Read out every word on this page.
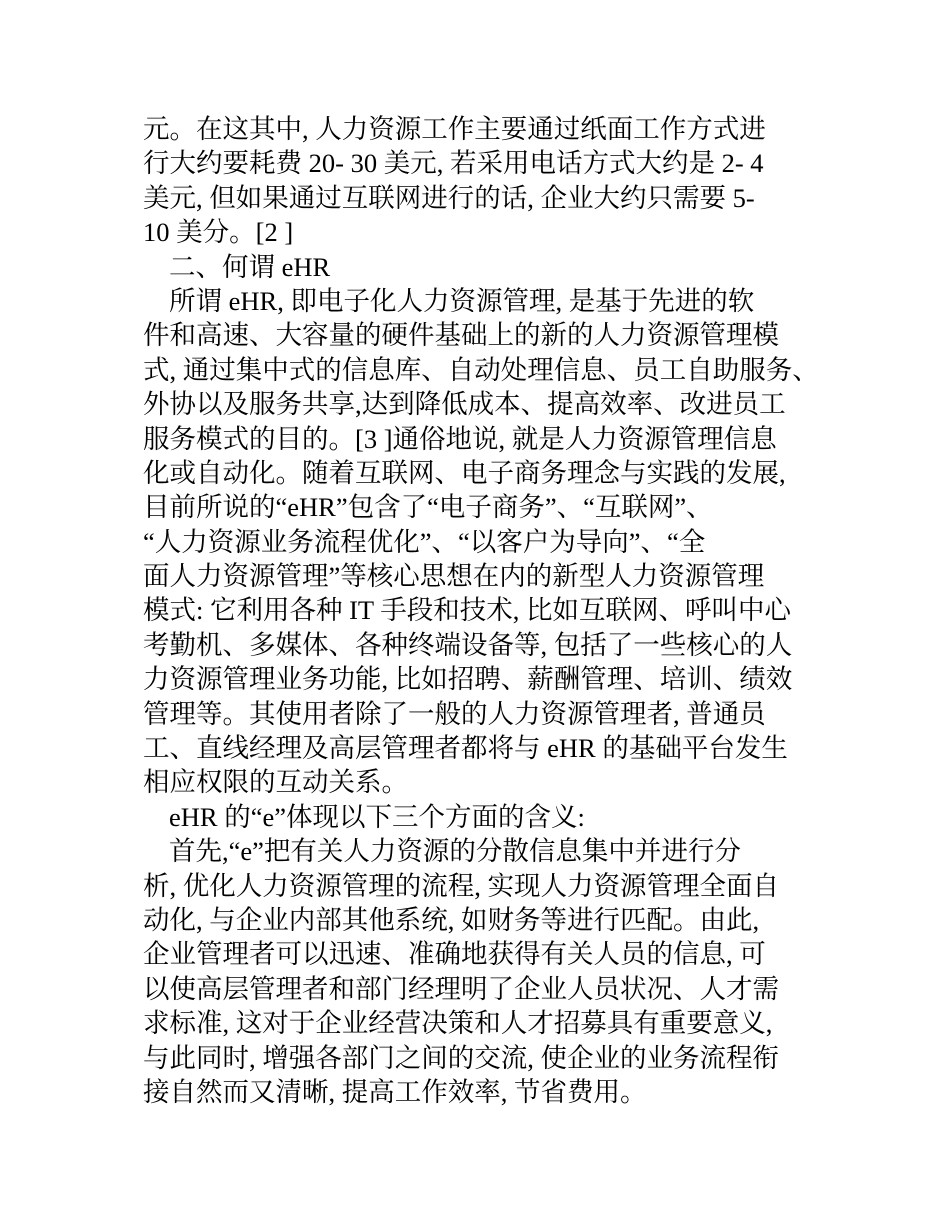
元。在这其中, 人力资源工作主要通过纸面工作方式进
行大约要耗费 20- 30 美元, 若采用电话方式大约是 2- 4
美元, 但如果通过互联网进行的话, 企业大约只需要 5-
10 美分。[2 ]
二、何谓 eHR
所谓 eHR, 即电子化人力资源管理, 是基于先进的软
件和高速、大容量的硬件基础上的新的人力资源管理模
式, 通过集中式的信息库、自动处理信息、员工自助服务、
外协以及服务共享,达到降低成本、提高效率、改进员工
服务模式的目的。[3 ]通俗地说, 就是人力资源管理信息
化或自动化。随着互联网、电子商务理念与实践的发展,
目前所说的“eHR”包含了“电子商务”、“互联网”、
“人力资源业务流程优化”、“以客户为导向”、“全
面人力资源管理”等核心思想在内的新型人力资源管理
模式: 它利用各种 IT 手段和技术, 比如互联网、呼叫中心
考勤机、多媒体、各种终端设备等, 包括了一些核心的人
力资源管理业务功能, 比如招聘、薪酬管理、培训、绩效
管理等。其使用者除了一般的人力资源管理者, 普通员
工、直线经理及高层管理者都将与 eHR 的基础平台发生
相应权限的互动关系。
eHR 的“e”体现以下三个方面的含义:
首先,“e”把有关人力资源的分散信息集中并进行分
析, 优化人力资源管理的流程, 实现人力资源管理全面自
动化, 与企业内部其他系统, 如财务等进行匹配。由此,
企业管理者可以迅速、准确地获得有关人员的信息, 可
以使高层管理者和部门经理明了企业人员状况、人才需
求标准, 这对于企业经营决策和人才招募具有重要意义,
与此同时, 增强各部门之间的交流, 使企业的业务流程衔
接自然而又清晰, 提高工作效率, 节省费用。
